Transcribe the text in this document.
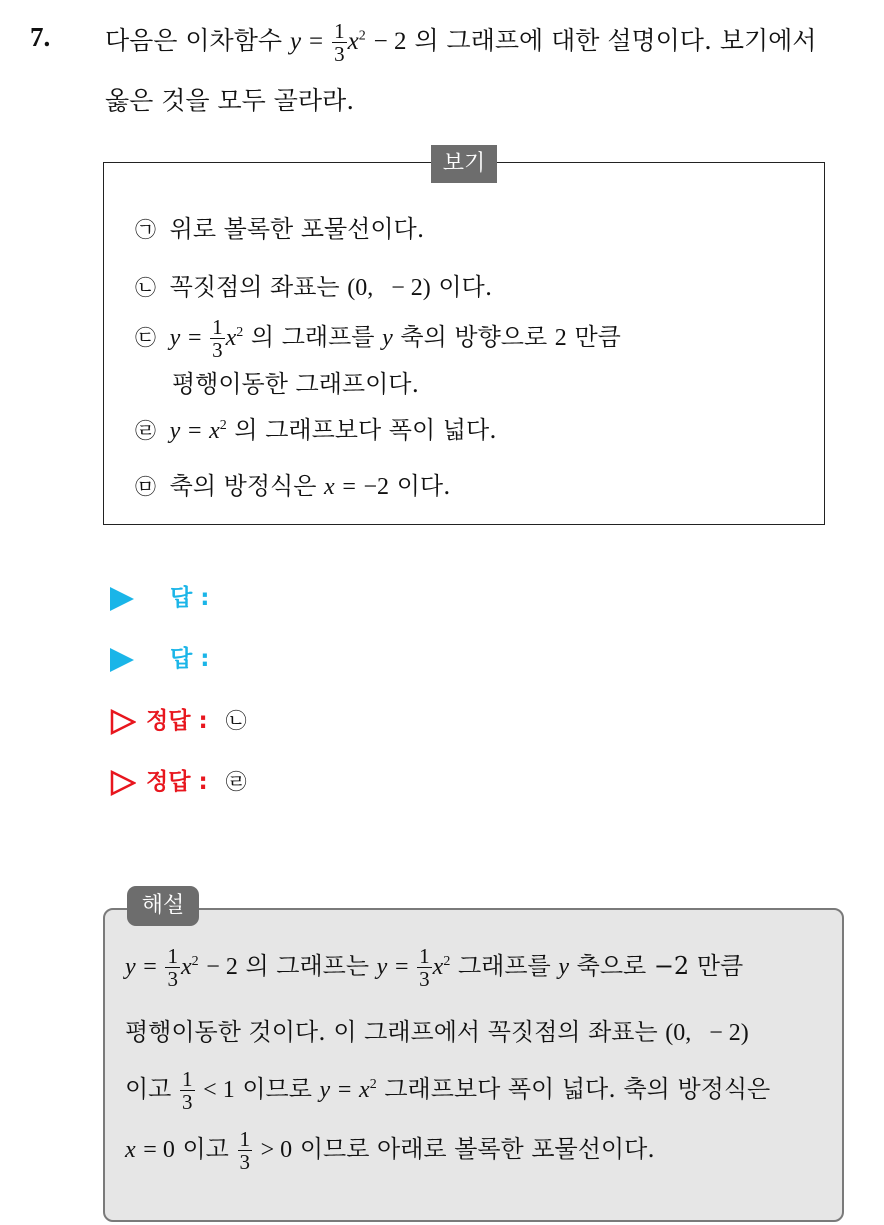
7. 다음은 이차함수 $y = \frac{1}{3} x^2 - 2$ 의 그래프에 대한 설명이다. 보기에서
옳은 것을 모두 골라라.
보기
㉠ 위로 볼록한 포물선이다.
㉡ 꼭짓점의 좌표는 (0,   − 2) 이다.
㉢ $y = \frac{1}{3} x^2$ 의 그래프를 y 축의 방향으로 2 만큼
평행이동한 그래프이다.
㉣ $y = x^2$ 의 그래프보다 폭이 넓다.
㉤ 축의 방정식은 x = −2 이다.
답 :
답 :
정답 : ㉡
정답 : ㉣
해설
$y = \frac{1}{3} x^2 - 2$ 의 그래프는 $y = \frac{1}{3} x^2$ 그래프를 y 축으로 −2 만큼
평행이동한 것이다. 이 그래프에서 꼭짓점의 좌표는 (0,   − 2)
이고 $\frac{1}{3} < 1$ 이므로 $y = x^2$ 그래프보다 폭이 넓다. 축의 방정식은
x = 0 이고 $\frac{1}{3} > 0$ 이므로 아래로 볼록한 포물선이다.
